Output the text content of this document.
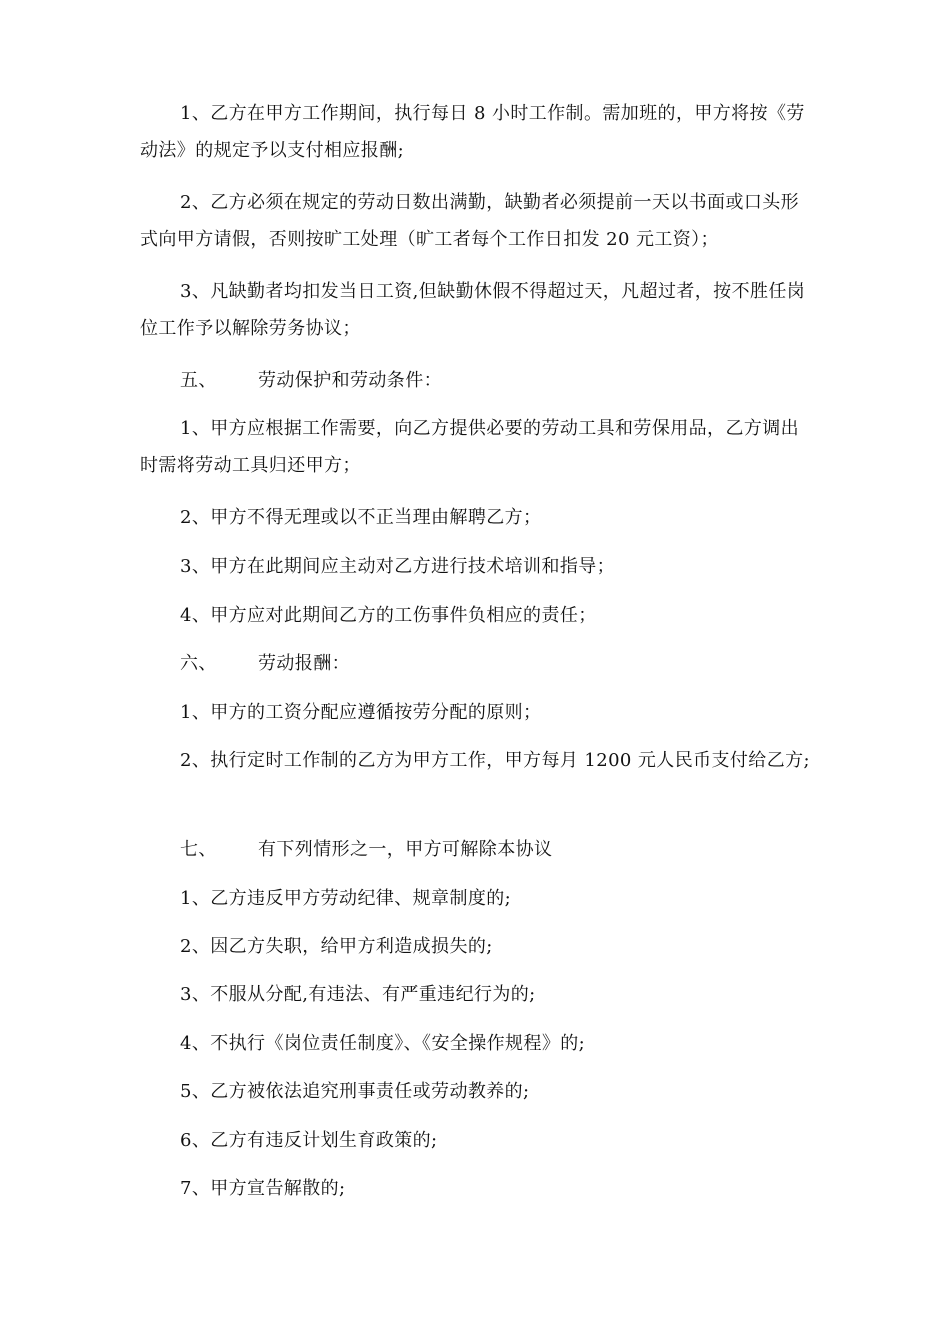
1、乙方在甲方工作期间，执行每日 8 小时工作制。需加班的，甲方将按《劳 动法》的规定予以支付相应报酬;

2、乙方必须在规定的劳动日数出满勤，缺勤者必须提前一天以书面或口头形 式向甲方请假，否则按旷工处理（旷工者每个工作日扣发 20 元工资）；

3、凡缺勤者均扣发当日工资,但缺勤休假不得超过天，凡超过者，按不胜任岗位工作予以解除劳务协议；

五、 劳动保护和劳动条件：

1、甲方应根据工作需要，向乙方提供必要的劳动工具和劳保用品，乙方调出 时需将劳动工具归还甲方；

2、甲方不得无理或以不正当理由解聘乙方；

3、甲方在此期间应主动对乙方进行技术培训和指导；

4、甲方应对此期间乙方的工伤事件负相应的责任；

六、 劳动报酬：

1、甲方的工资分配应遵循按劳分配的原则；

2、执行定时工作制的乙方为甲方工作，甲方每月 1200 元人民币支付给乙方;

七、 有下列情形之一，甲方可解除本协议

1、乙方违反甲方劳动纪律、规章制度的;

2、因乙方失职，给甲方利造成损失的;

3、不服从分配,有违法、有严重违纪行为的;

4、不执行《岗位责任制度》、《安全操作规程》的;

5、乙方被依法追究刑事责任或劳动教养的;

6、乙方有违反计划生育政策的;

7、甲方宣告解散的;
